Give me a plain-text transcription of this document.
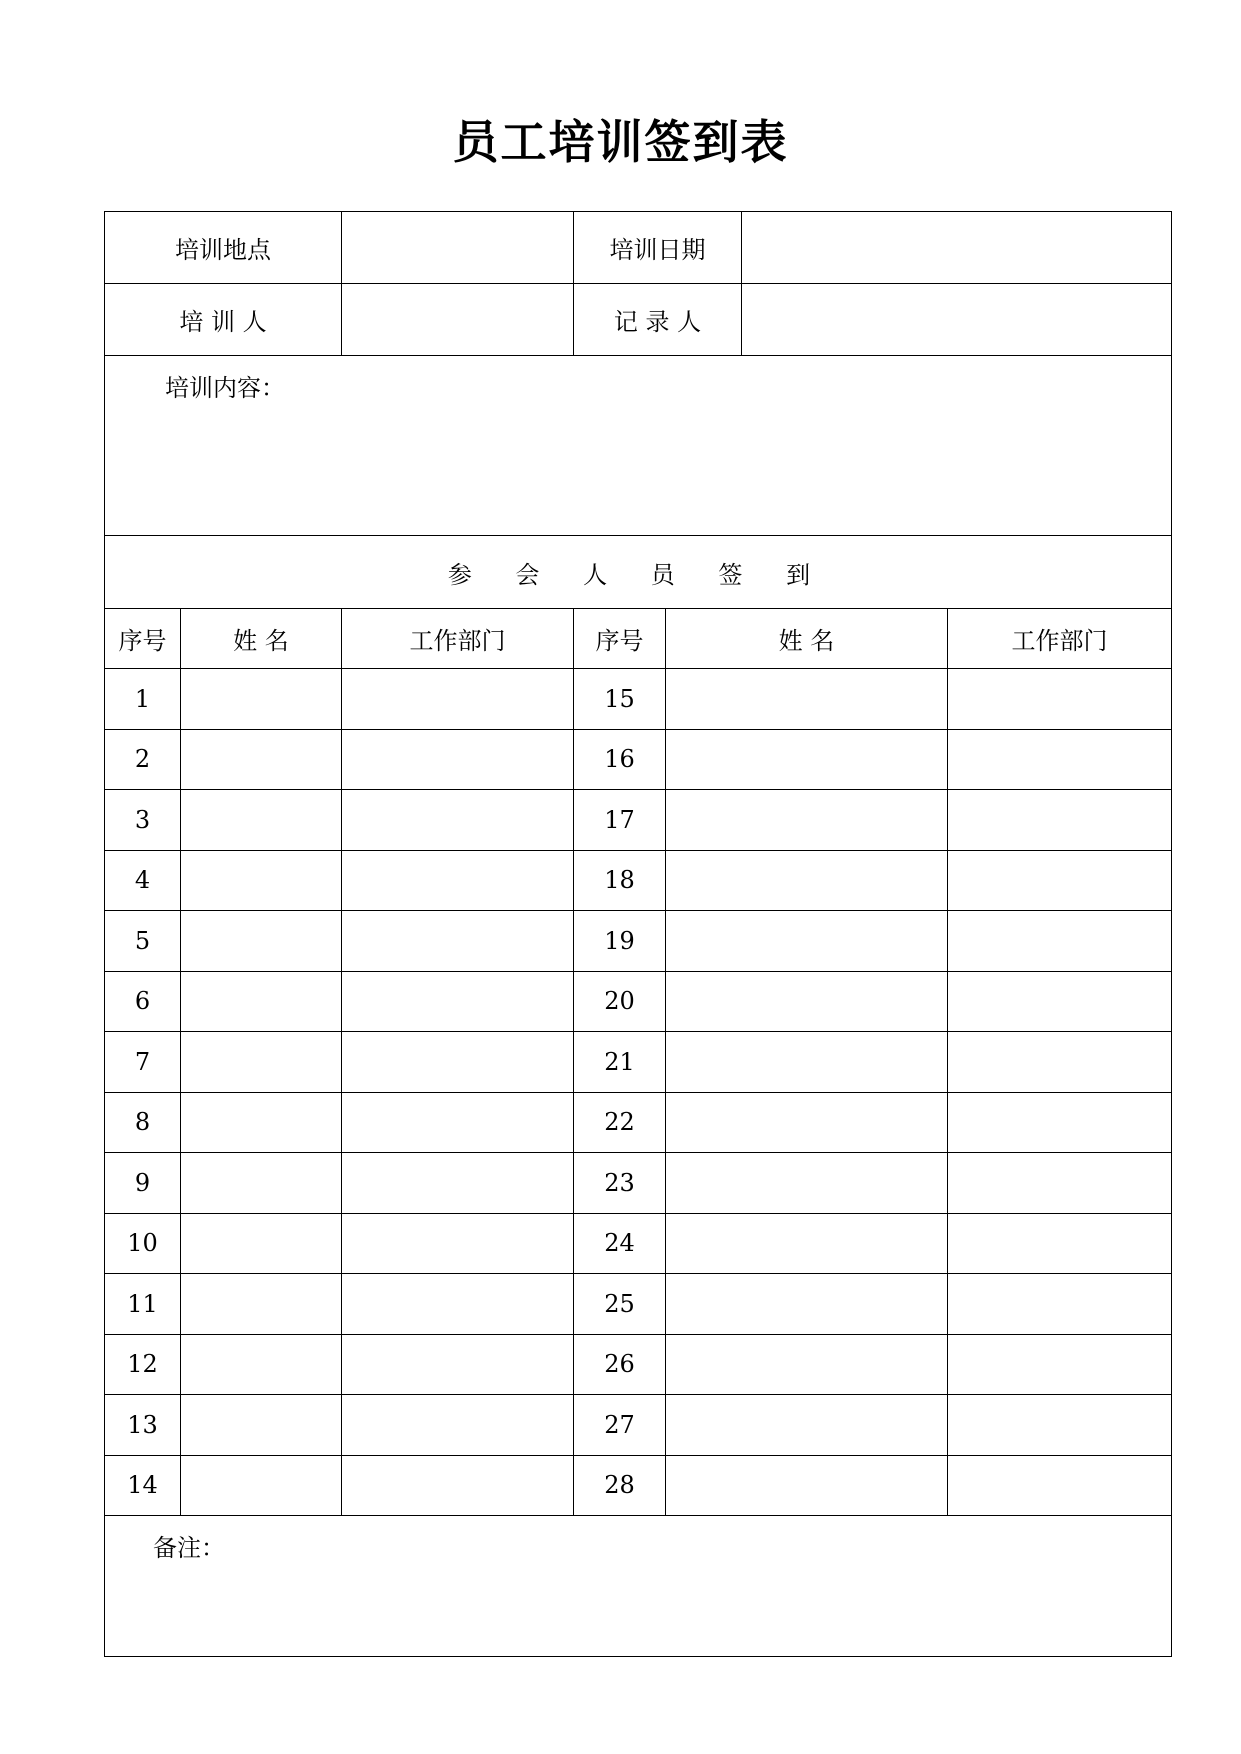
员工培训签到表
培训地点			培训日期			
培 训 人			记 录 人			
培训内容：						
参 会 人 员 签 到						
序号	姓 名	工作部门	序号	姓 名		工作部门
1			15			
2			16			
3			17			
4			18			
5			19			
6			20			
7			21			
8			22			
9			23			
10			24			
11			25			
12			26			
13			27			
14			28			
备注：						
